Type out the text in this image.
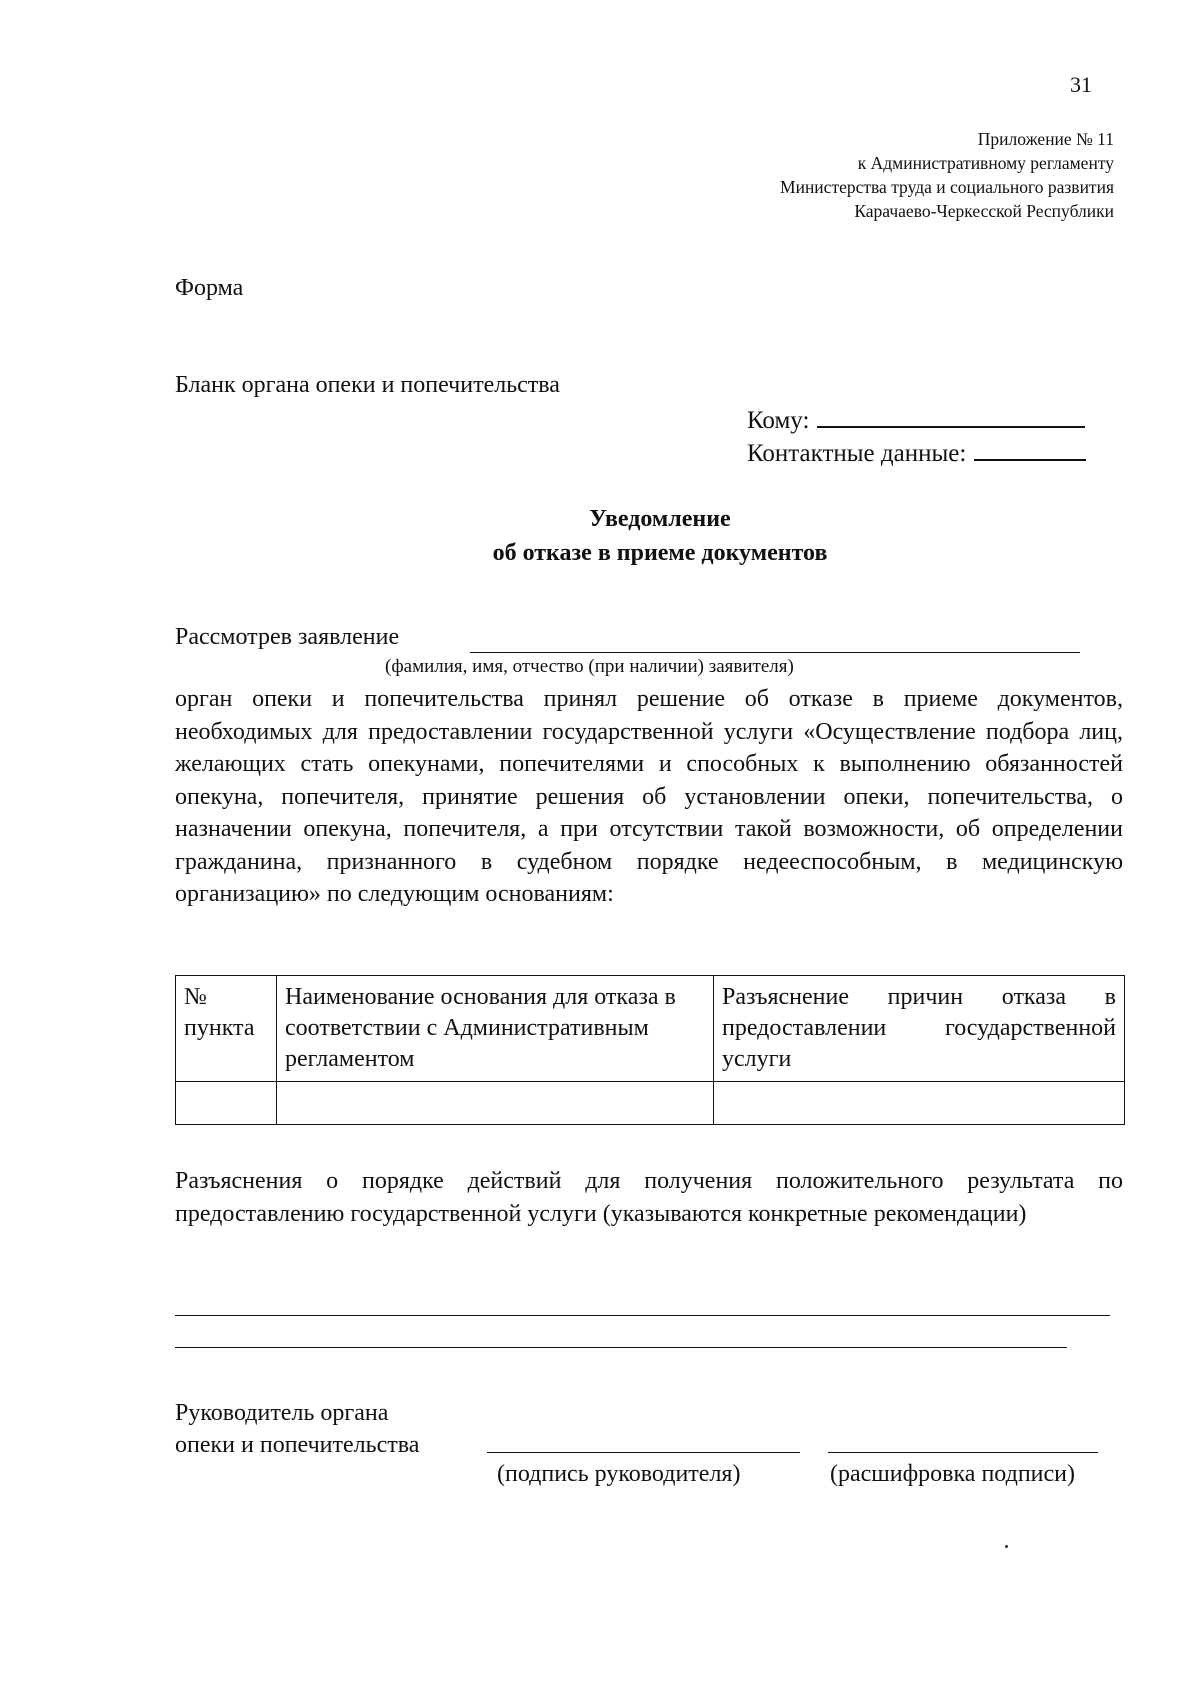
31
Приложение № 11
к Административному регламенту
Министерства труда и социального развития
Карачаево-Черкесской Республики
Форма
Бланк органа опеки и попечительства
Кому:
Контактные данные:
Уведомление
об отказе в приеме документов
Рассмотрев заявление
(фамилия, имя, отчество (при наличии) заявителя)
орган опеки и попечительства принял решение об отказе в приеме документов, необходимых для предоставлении государственной услуги «Осуществление подбора лиц, желающих стать опекунами, попечителями и способных к выполнению обязанностей опекуна, попечителя, принятие решения об установлении опеки, попечительства, о назначении опекуна, попечителя, а при отсутствии такой возможности, об определении гражданина, признанного в судебном порядке недееспособным, в медицинскую организацию» по следующим основаниям:
№ пункта	Наименование основания для отказа в соответствии с Административным регламентом	Разъяснение причин отказа в предоставлении государственной услуги

Разъяснения о порядке действий для получения положительного результата по предоставлению государственной услуги (указываются конкретные рекомендации)
Руководитель органа
опеки и попечительства
(подпись руководителя)	(расшифровка подписи)
